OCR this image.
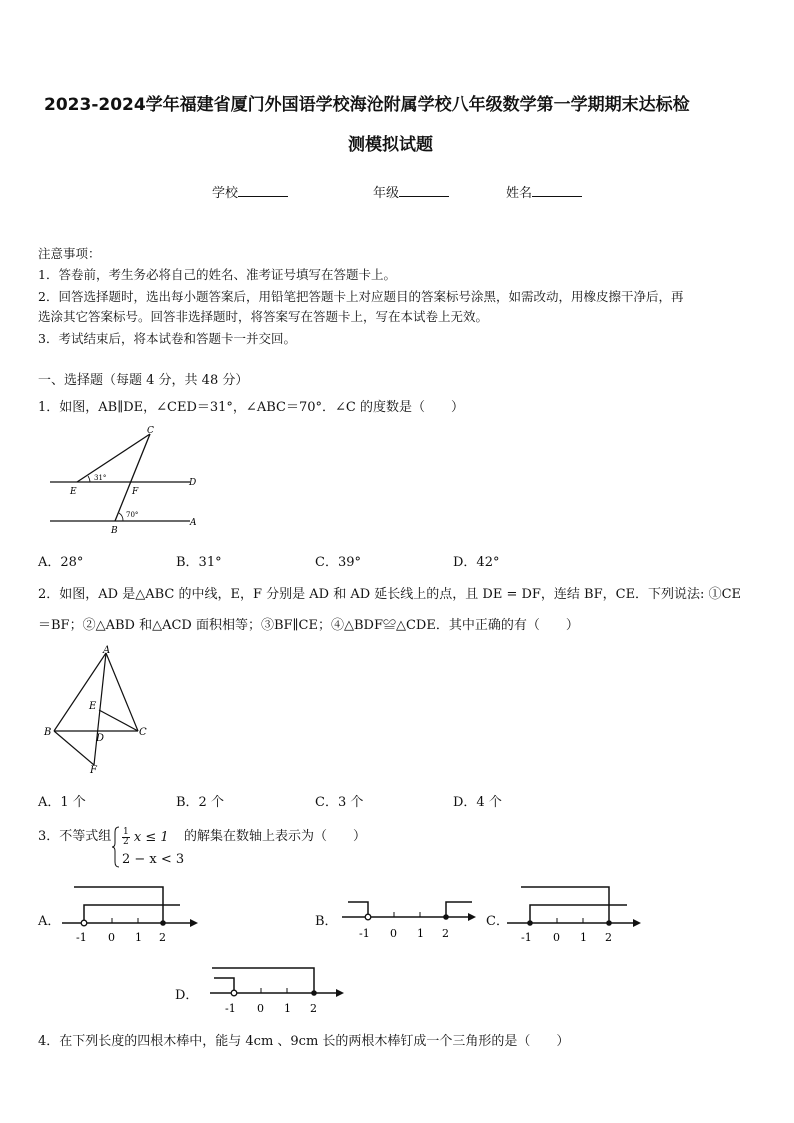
2023-2024学年福建省厦门外国语学校海沧附属学校八年级数学第一学期期末达标检
测模拟试题
学校	年级	姓名
注意事项：
1．答卷前，考生务必将自己的姓名、准考证号填写在答题卡上。
2．回答选择题时，选出每小题答案后，用铅笔把答题卡上对应题目的答案标号涂黑，如需改动，用橡皮擦干净后，再
选涂其它答案标号。回答非选择题时，将答案写在答题卡上，写在本试卷上无效。
3．考试结束后，将本试卷和答题卡一并交回。
一、选择题（每题 4 分，共 48 分）
1．如图，AB∥DE，∠CED＝31°，∠ABC＝70°．∠C 的度数是（　　）
C
E	F
D
B
A
31°
70°
A．28°	B．31°	C．39°	D．42°
2．如图，AD 是△ABC 的中线，E，F 分别是 AD 和 AD 延长线上的点，且 DE = DF，连结 BF，CE．下列说法: ①CE
＝BF；②△ABD 和△ACD 面积相等；③BF∥CE；④△BDF≌△CDE．其中正确的有（　　）
A
E
B
D
C
F
A．1 个	B．2 个	C．3 个	D．4 个
3．不等式组 $\frac{1}{2}$ x ≤ 1
2 − x < 3
的解集在数轴上表示为（　　）
A．	B．	C．
D．
-1 0 1 2	-1 0 1 2	-1 0 1 2
-1 0 1 2
4．在下列长度的四根木棒中，能与 4cm 、9cm 长的两根木棒钉成一个三角形的是（　　）
